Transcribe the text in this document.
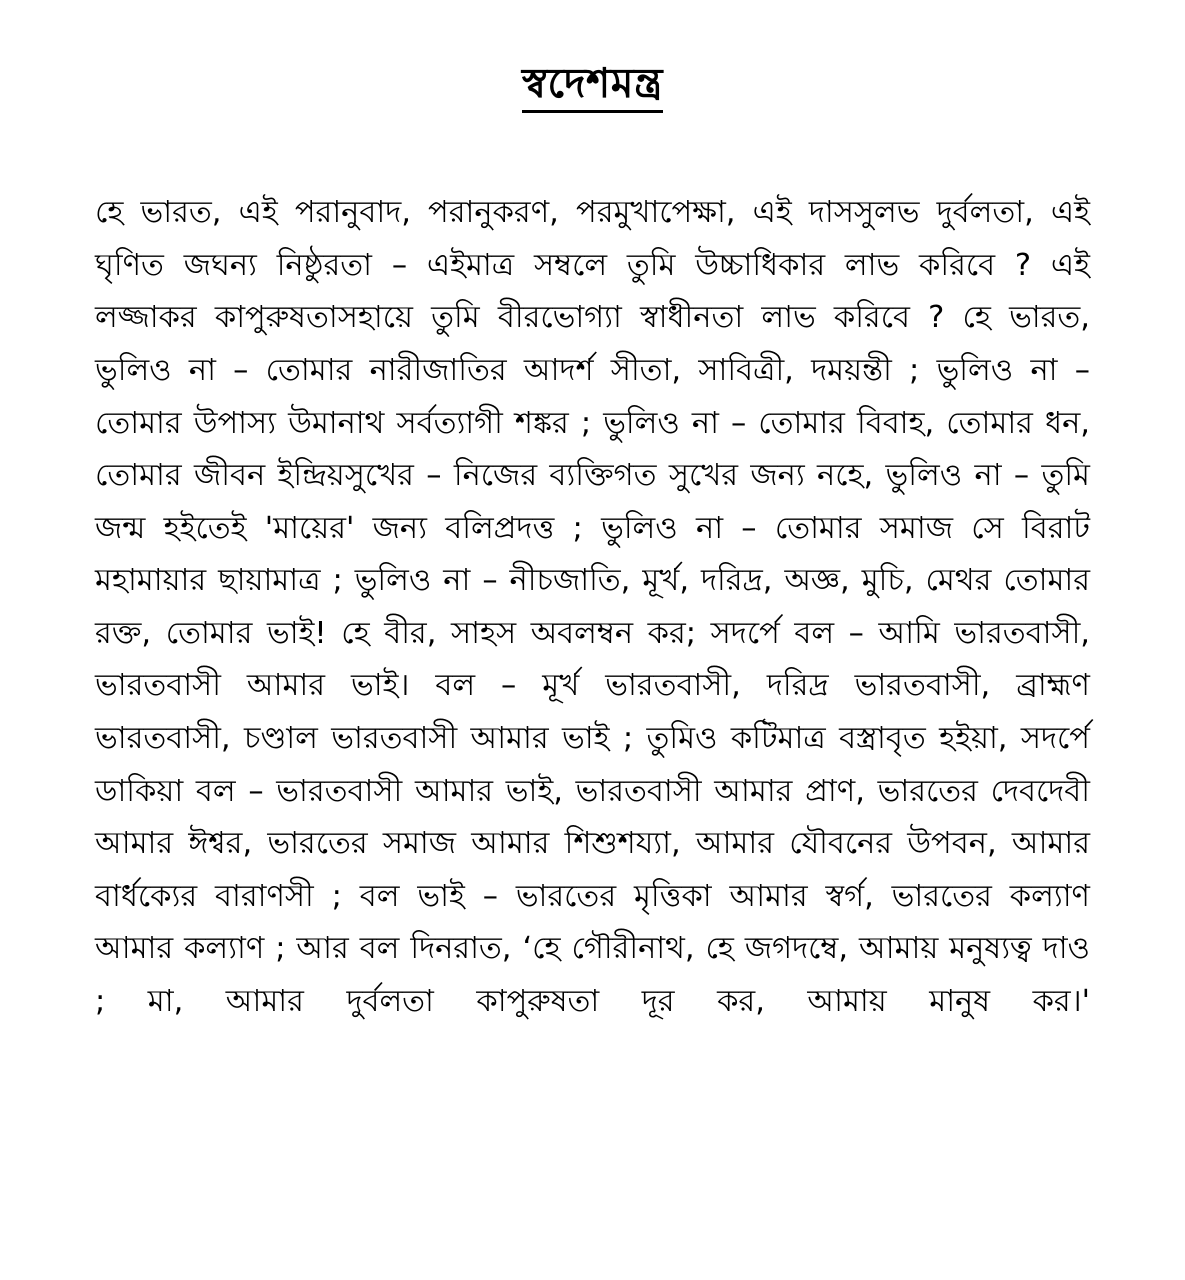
স্বদেশমন্ত্র

হে ভারত, এই পরানুবাদ, পরানুকরণ, পরমুখাপেক্ষা, এই দাসসুলভ দুর্বলতা, এই ঘৃণিত জঘন্য নিষ্ঠুরতা – এইমাত্র সম্বলে তুমি উচ্চাধিকার লাভ করিবে ? এই লজ্জাকর কাপুরুষতাসহায়ে তুমি বীরভোগ্যা স্বাধীনতা লাভ করিবে ? হে ভারত, ভুলিও না – তোমার নারীজাতির আদর্শ সীতা, সাবিত্রী, দময়ন্তী ; ভুলিও না – তোমার উপাস্য উমানাথ সর্বত্যাগী শঙ্কর ; ভুলিও না – তোমার বিবাহ, তোমার ধন, তোমার জীবন ইন্দ্রিয়সুখের – নিজের ব্যক্তিগত সুখের জন্য নহে, ভুলিও না – তুমি জন্ম হইতেই 'মায়ের' জন্য বলিপ্রদত্ত ; ভুলিও না – তোমার সমাজ সে বিরাট মহামায়ার ছায়ামাত্র ; ভুলিও না – নীচজাতি, মূর্খ, দরিদ্র, অজ্ঞ, মুচি, মেথর তোমার রক্ত, তোমার ভাই! হে বীর, সাহস অবলম্বন কর; সদর্পে বল – আমি ভারতবাসী, ভারতবাসী আমার ভাই। বল – মূর্খ ভারতবাসী, দরিদ্র ভারতবাসী, ব্রাহ্মণ ভারতবাসী, চণ্ডাল ভারতবাসী আমার ভাই ; তুমিও কটিমাত্র বস্ত্রাবৃত হইয়া, সদর্পে ডাকিয়া বল – ভারতবাসী আমার ভাই, ভারতবাসী আমার প্রাণ, ভারতের দেবদেবী আমার ঈশ্বর, ভারতের সমাজ আমার শিশুশয্যা, আমার যৌবনের উপবন, আমার বার্ধক্যের বারাণসী ; বল ভাই – ভারতের মৃত্তিকা আমার স্বর্গ, ভারতের কল্যাণ আমার কল্যাণ ; আর বল দিনরাত, ‘হে গৌরীনাথ, হে জগদম্বে, আমায় মনুষ্যত্ব দাও ; মা, আমার দুর্বলতা কাপুরুষতা দূর কর, আমায় মানুষ কর।'
